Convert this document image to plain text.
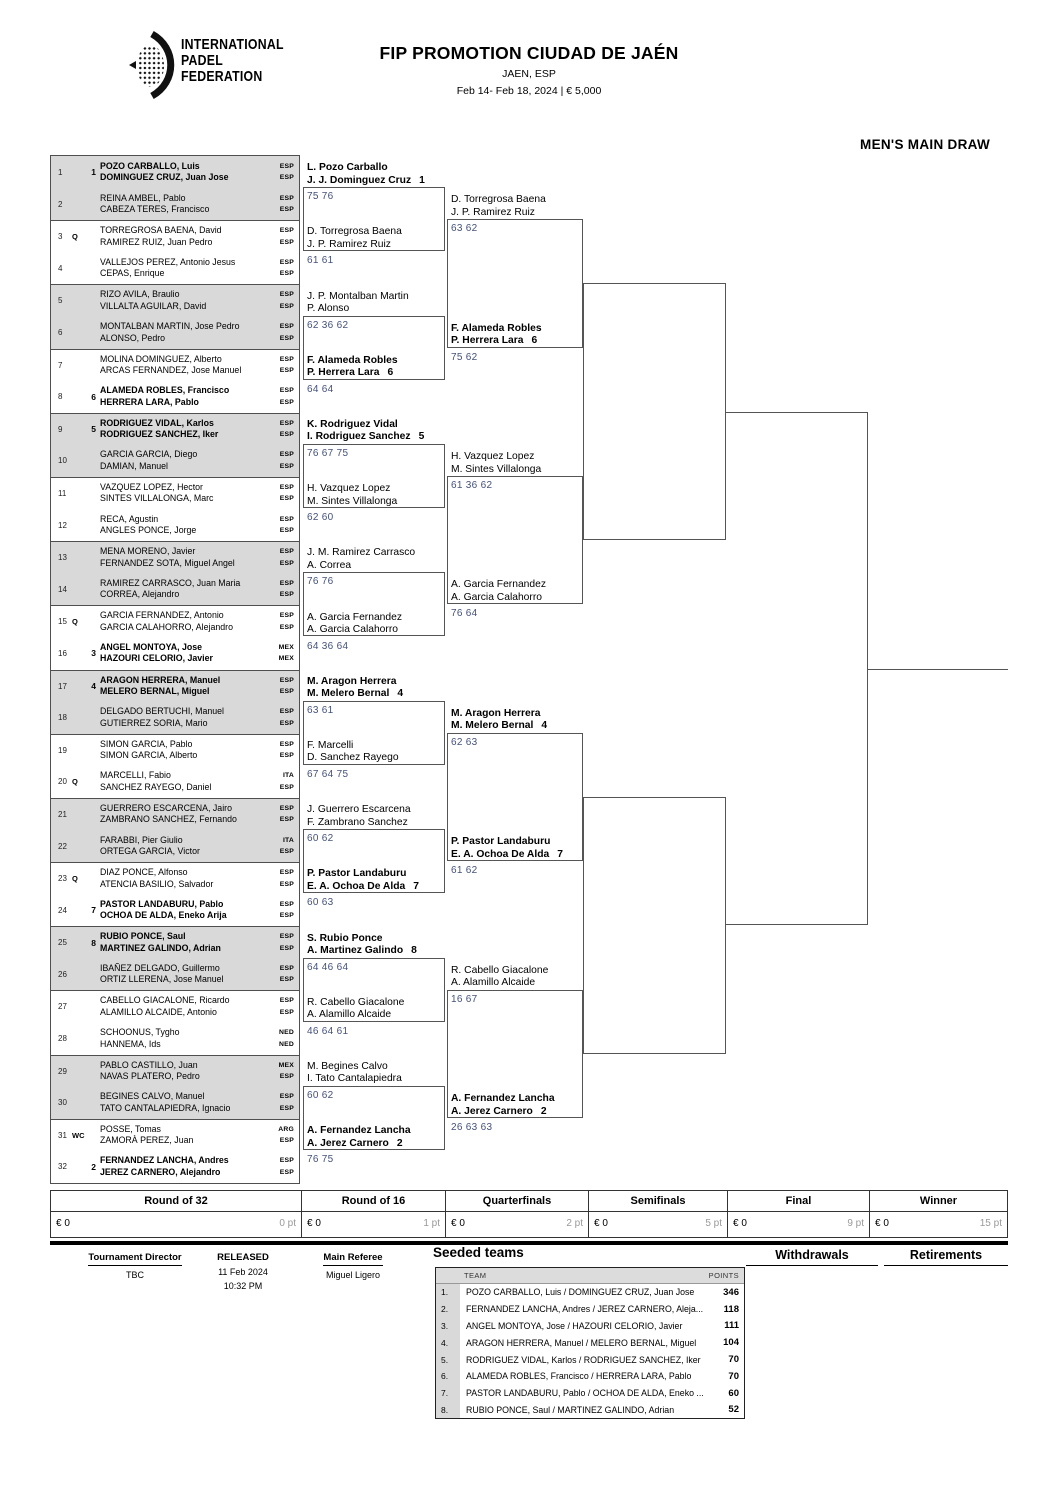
INTERNATIONAL
PADEL
FEDERATION
FIP PROMOTION CIUDAD DE JAÉN
JAEN, ESP
Feb 14- Feb 18, 2024 | € 5,000
MEN'S MAIN DRAW
1	1
POZO CARBALLO, Luis
DOMINGUEZ CRUZ, Juan Jose
ESP
ESP
2
REINA AMBEL, Pablo
CABEZA TERES, Francisco
ESP
ESP
3	Q
TORREGROSA BAENA, David
RAMIREZ RUIZ, Juan Pedro
ESP
ESP
4
VALLEJOS PEREZ, Antonio Jesus
CEPAS, Enrique
ESP
ESP
5
RIZO AVILA, Braulio
VILLALTA AGUILAR, David
ESP
ESP
6
MONTALBAN MARTIN, Jose Pedro
ALONSO, Pedro
ESP
ESP
7
MOLINA DOMINGUEZ, Alberto
ARCAS FERNANDEZ, Jose Manuel
ESP
ESP
8	6
ALAMEDA ROBLES, Francisco
HERRERA LARA, Pablo
ESP
ESP
9	5
RODRIGUEZ VIDAL, Karlos
RODRIGUEZ SANCHEZ, Iker
ESP
ESP
10
GARCIA GARCIA, Diego
DAMIAN, Manuel
ESP
ESP
11
VAZQUEZ LOPEZ, Hector
SINTES VILLALONGA, Marc
ESP
ESP
12
RECA, Agustin
ANGLES PONCE, Jorge
ESP
ESP
13
MENA MORENO, Javier
FERNANDEZ SOTA, Miguel Angel
ESP
ESP
14
RAMIREZ CARRASCO, Juan Maria
CORREA, Alejandro
ESP
ESP
15 Q
GARCIA FERNANDEZ, Antonio
GARCIA CALAHORRO, Alejandro
ESP
ESP
16	3
ANGEL MONTOYA, Jose
HAZOURI CELORIO, Javier
MEX
MEX
17	4
ARAGON HERRERA, Manuel
MELERO BERNAL, Miguel
ESP
ESP
18
DELGADO BERTUCHI, Manuel
GUTIERREZ SORIA, Mario
ESP
ESP
19
SIMON GARCIA, Pablo
SIMON GARCIA, Alberto
ESP
ESP
20 Q
MARCELLI, Fabio
SANCHEZ RAYEGO, Daniel
ITA
ESP
21
GUERRERO ESCARCENA, Jairo
ZAMBRANO SANCHEZ, Fernando
ESP
ESP
22
FARABBI, Pier Giulio
ORTEGA GARCIA, Victor
ITA
ESP
23 Q
DIAZ PONCE, Alfonso
ATENCIA BASILIO, Salvador
ESP
ESP
24	7
PASTOR LANDABURU, Pablo
OCHOA DE ALDA, Eneko Arija
ESP
ESP
25	8
RUBIO PONCE, Saul
MARTINEZ GALINDO, Adrian
ESP
ESP
26
IBAÑEZ DELGADO, Guillermo
ORTIZ LLERENA, Jose Manuel
ESP
ESP
27
CABELLO GIACALONE, Ricardo
ALAMILLO ALCAIDE, Antonio
ESP
ESP
28
SCHOONUS, Tygho
HANNEMA, Ids
NED
NED
29
PABLO CASTILLO, Juan
NAVAS PLATERO, Pedro
MEX
ESP
30
BEGINES CALVO, Manuel
TATO CANTALAPIEDRA, Ignacio
ESP
ESP
31 WC
POSSE, Tomas
ZAMORÀ PEREZ, Juan
ARG
ESP
32	2
FERNANDEZ LANCHA, Andres
JEREZ CARNERO, Alejandro
ESP
ESP
L. Pozo Carballo
J. J. Dominguez Cruz 1
75 76
D. Torregrosa Baena
J. P. Ramirez Ruiz
61 61
J. P. Montalban Martin
P. Alonso
62 36 62
F. Alameda Robles
P. Herrera Lara 6
64 64
K. Rodriguez Vidal
I. Rodriguez Sanchez 5
76 67 75
H. Vazquez Lopez
M. Sintes Villalonga
62 60
J. M. Ramirez Carrasco
A. Correa
76 76
A. Garcia Fernandez
A. Garcia Calahorro
64 36 64
M. Aragon Herrera
M. Melero Bernal 4
63 61
F. Marcelli
D. Sanchez Rayego
67 64 75
J. Guerrero Escarcena
F. Zambrano Sanchez
60 62
P. Pastor Landaburu
E. A. Ochoa De Alda 7
60 63
S. Rubio Ponce
A. Martinez Galindo 8
64 46 64
R. Cabello Giacalone
A. Alamillo Alcaide
46 64 61
M. Begines Calvo
I. Tato Cantalapiedra
60 62
A. Fernandez Lancha
A. Jerez Carnero 2
76 75
D. Torregrosa Baena
J. P. Ramirez Ruiz
63 62
F. Alameda Robles
P. Herrera Lara 6
75 62
H. Vazquez Lopez
M. Sintes Villalonga
61 36 62
A. Garcia Fernandez
A. Garcia Calahorro
76 64
M. Aragon Herrera
M. Melero Bernal 4
62 63
P. Pastor Landaburu
E. A. Ochoa De Alda 7
61 62
R. Cabello Giacalone
A. Alamillo Alcaide
16 67
A. Fernandez Lancha
A. Jerez Carnero 2
26 63 63
Round of 32
€ 0	0 pt
Round of 16
€ 0	1 pt
Quarterfinals
€ 0	2 pt
Semifinals
€ 0	5 pt
Final
€ 0	9 pt
Winner
€ 0	15 pt
Tournament Director
TBC
RELEASED
11 Feb 2024
10:32 PM
Main Referee
Miguel Ligero
Seeded teams
TEAM	POINTS
1.	POZO CARBALLO, Luis / DOMINGUEZ CRUZ, Juan Jose	346
2.	FERNANDEZ LANCHA, Andres / JEREZ CARNERO, Aleja...	118
3.	ANGEL MONTOYA, Jose / HAZOURI CELORIO, Javier	111
4.	ARAGON HERRERA, Manuel / MELERO BERNAL, Miguel	104
5.	RODRIGUEZ VIDAL, Karlos / RODRIGUEZ SANCHEZ, Iker	70
6.	ALAMEDA ROBLES, Francisco / HERRERA LARA, Pablo	70
7.	PASTOR LANDABURU, Pablo / OCHOA DE ALDA, Eneko ...	60
8.	RUBIO PONCE, Saul / MARTINEZ GALINDO, Adrian	52
Withdrawals	Retirements
